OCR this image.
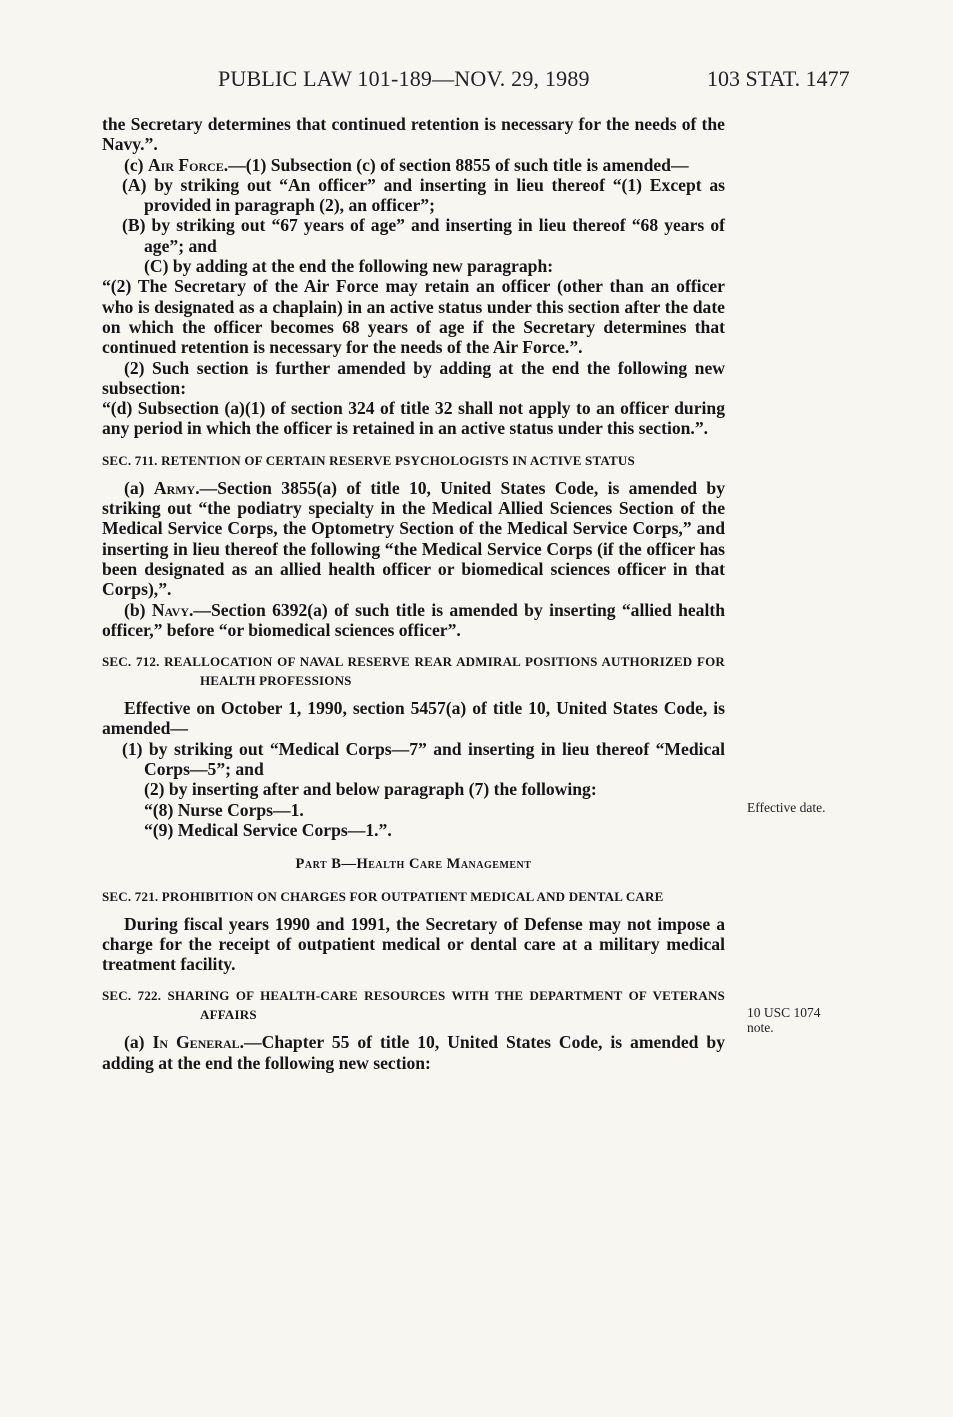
PUBLIC LAW 101-189—NOV. 29, 1989	103 STAT. 1477

the Secretary determines that continued retention is necessary for the needs of the Navy.”.

(c) Air Force.—(1) Subsection (c) of section 8855 of such title is amended—

(A) by striking out “An officer” and inserting in lieu thereof “(1) Except as provided in paragraph (2), an officer”;

(B) by striking out “67 years of age” and inserting in lieu thereof “68 years of age”; and

(C) by adding at the end the following new paragraph:

“(2) The Secretary of the Air Force may retain an officer (other than an officer who is designated as a chaplain) in an active status under this section after the date on which the officer becomes 68 years of age if the Secretary determines that continued retention is necessary for the needs of the Air Force.”.

(2) Such section is further amended by adding at the end the following new subsection:

“(d) Subsection (a)(1) of section 324 of title 32 shall not apply to an officer during any period in which the officer is retained in an active status under this section.”.

SEC. 711. RETENTION OF CERTAIN RESERVE PSYCHOLOGISTS IN ACTIVE STATUS

(a) Army.—Section 3855(a) of title 10, United States Code, is amended by striking out “the podiatry specialty in the Medical Allied Sciences Section of the Medical Service Corps, the Optometry Section of the Medical Service Corps,” and inserting in lieu thereof the following “the Medical Service Corps (if the officer has been designated as an allied health officer or biomedical sciences officer in that Corps),”.

(b) Navy.—Section 6392(a) of such title is amended by inserting “allied health officer,” before “or biomedical sciences officer”.

SEC. 712. REALLOCATION OF NAVAL RESERVE REAR ADMIRAL POSITIONS AUTHORIZED FOR HEALTH PROFESSIONS

Effective on October 1, 1990, section 5457(a) of title 10, United States Code, is amended—

(1) by striking out “Medical Corps—7” and inserting in lieu thereof “Medical Corps—5”; and

(2) by inserting after and below paragraph (7) the following:

“(8) Nurse Corps—1.

“(9) Medical Service Corps—1.”.

Part B—Health Care Management

SEC. 721. PROHIBITION ON CHARGES FOR OUTPATIENT MEDICAL AND DENTAL CARE

During fiscal years 1990 and 1991, the Secretary of Defense may not impose a charge for the receipt of outpatient medical or dental care at a military medical treatment facility.

SEC. 722. SHARING OF HEALTH-CARE RESOURCES WITH THE DEPARTMENT OF VETERANS AFFAIRS

(a) In General.—Chapter 55 of title 10, United States Code, is amended by adding at the end the following new section:

Effective date.
10 USC 1074
note.
